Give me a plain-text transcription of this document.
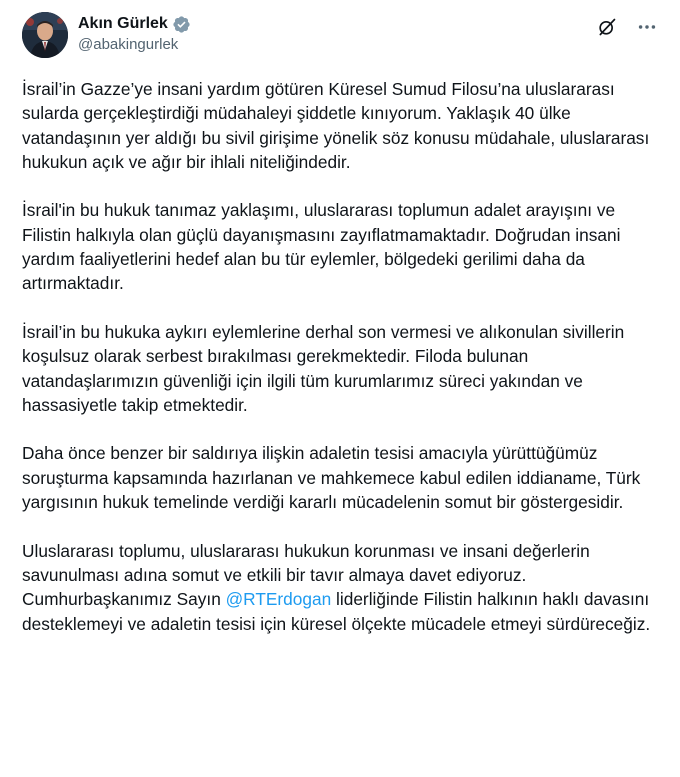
Akın Gürlek
@abakingurlek

İsrail’in Gazze’ye insani yardım götüren Küresel Sumud Filosu’na uluslararası sularda gerçekleştirdiği müdahaleyi şiddetle kınıyorum. Yaklaşık 40 ülke vatandaşının yer aldığı bu sivil girişime yönelik söz konusu müdahale, uluslararası hukukun açık ve ağır bir ihlali niteliğindedir.

İsrail'in bu hukuk tanımaz yaklaşımı, uluslararası toplumun adalet arayışını ve Filistin halkıyla olan güçlü dayanışmasını zayıflatmamaktadır. Doğrudan insani yardım faaliyetlerini hedef alan bu tür eylemler, bölgedeki gerilimi daha da artırmaktadır.

İsrail’in bu hukuka aykırı eylemlerine derhal son vermesi ve alıkonulan sivillerin koşulsuz olarak serbest bırakılması gerekmektedir. Filoda bulunan vatandaşlarımızın güvenliği için ilgili tüm kurumlarımız süreci yakından ve hassasiyetle takip etmektedir.

Daha önce benzer bir saldırıya ilişkin adaletin tesisi amacıyla yürüttüğümüz soruşturma kapsamında hazırlanan ve mahkemece kabul edilen iddianame, Türk yargısının hukuk temelinde verdiği kararlı mücadelenin somut bir göstergesidir.

Uluslararası toplumu, uluslararası hukukun korunması ve insani değerlerin savunulması adına somut ve etkili bir tavır almaya davet ediyoruz. Cumhurbaşkanımız Sayın @RTErdogan liderliğinde Filistin halkının haklı davasını desteklemeyi ve adaletin tesisi için küresel ölçekte mücadele etmeyi sürdüreceğiz.
